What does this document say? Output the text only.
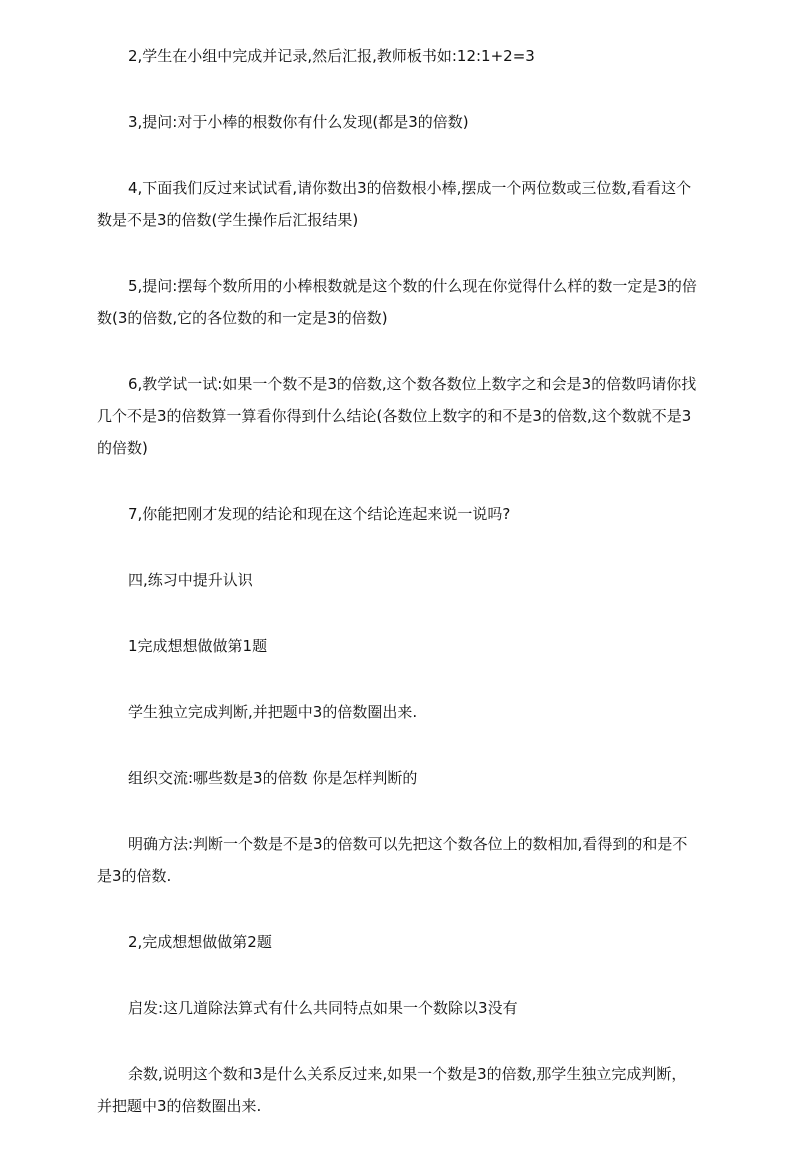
2,学生在小组中完成并记录,然后汇报,教师板书如:12:1+2=3

3,提问:对于小棒的根数你有什么发现(都是3的倍数)

4,下面我们反过来试试看,请你数出3的倍数根小棒,摆成一个两位数或三位数,看看这个数是不是3的倍数(学生操作后汇报结果)

5,提问:摆每个数所用的小棒根数就是这个数的什么现在你觉得什么样的数一定是3的倍数(3的倍数,它的各位数的和一定是3的倍数)

6,教学试一试:如果一个数不是3的倍数,这个数各数位上数字之和会是3的倍数吗请你找几个不是3的倍数算一算看你得到什么结论(各数位上数字的和不是3的倍数,这个数就不是3的倍数)

7,你能把刚才发现的结论和现在这个结论连起来说一说吗?

四,练习中提升认识

1完成想想做做第1题

学生独立完成判断,并把题中3的倍数圈出来.

组织交流:哪些数是3的倍数 你是怎样判断的

明确方法:判断一个数是不是3的倍数可以先把这个数各位上的数相加,看得到的和是不是3的倍数.

2,完成想想做做第2题

启发:这几道除法算式有什么共同特点如果一个数除以3没有

余数,说明这个数和3是什么关系反过来,如果一个数是3的倍数,那学生独立完成判断，并把题中3的倍数圈出来.
